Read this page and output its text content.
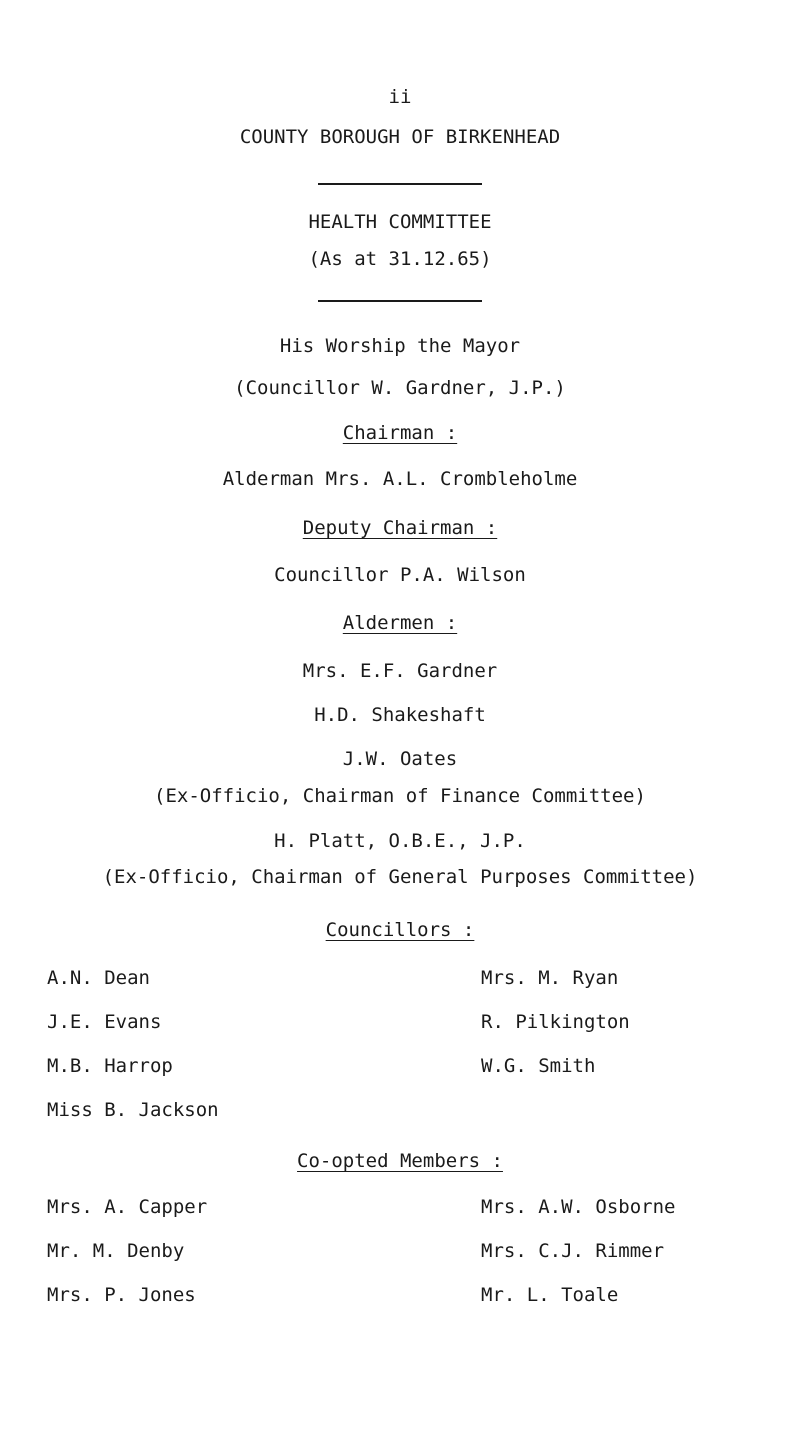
ii
COUNTY BOROUGH OF BIRKENHEAD
HEALTH COMMITTEE
(As at 31.12.65)
His Worship the Mayor
(Councillor W. Gardner, J.P.)
Chairman :
Alderman Mrs. A.L. Crombleholme
Deputy Chairman :
Councillor P.A. Wilson
Aldermen :
Mrs. E.F. Gardner
H.D. Shakeshaft
J.W. Oates
(Ex-Officio, Chairman of Finance Committee)
H. Platt, O.B.E., J.P.
(Ex-Officio, Chairman of General Purposes Committee)
Councillors :
A.N. Dean
J.E. Evans
M.B. Harrop
Miss B. Jackson
Mrs. M. Ryan
R. Pilkington
W.G. Smith
Co-opted Members :
Mrs. A. Capper
Mr. M. Denby
Mrs. P. Jones
Mrs. A.W. Osborne
Mrs. C.J. Rimmer
Mr. L. Toale
